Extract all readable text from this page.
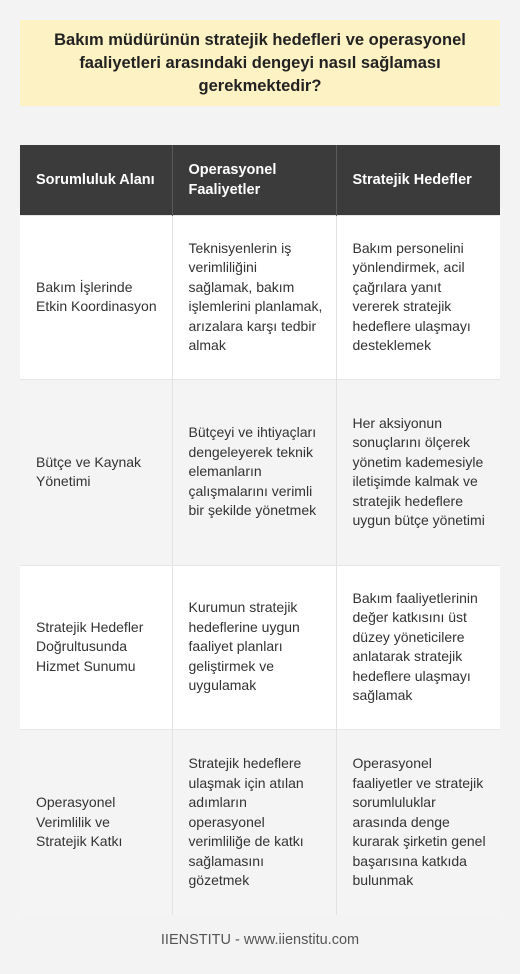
Bakım müdürünün stratejik hedefleri ve operasyonel faaliyetleri arasındaki dengeyi nasıl sağlaması gerekmektedir?
Sorumluluk Alanı	Operasyonel Faaliyetler	Stratejik Hedefler
Bakım İşlerinde Etkin Koordinasyon	Teknisyenlerin iş verimliliğini sağlamak, bakım işlemlerini planlamak, arızalara karşı tedbir almak	Bakım personelini yönlendirmek, acil çağrılara yanıt vererek stratejik hedeflere ulaşmayı desteklemek
Bütçe ve Kaynak Yönetimi	Bütçeyi ve ihtiyaçları dengeleyerek teknik elemanların çalışmalarını verimli bir şekilde yönetmek	Her aksiyonun sonuçlarını ölçerek yönetim kademesiyle iletişimde kalmak ve stratejik hedeflere uygun bütçe yönetimi
Stratejik Hedefler Doğrultusunda Hizmet Sunumu	Kurumun stratejik hedeflerine uygun faaliyet planları geliştirmek ve uygulamak	Bakım faaliyetlerinin değer katkısını üst düzey yöneticilere anlatarak stratejik hedeflere ulaşmayı sağlamak
Operasyonel Verimlilik ve Stratejik Katkı	Stratejik hedeflere ulaşmak için atılan adımların operasyonel verimliliğe de katkı sağlamasını gözetmek	Operasyonel faaliyetler ve stratejik sorumluluklar arasında denge kurarak şirketin genel başarısına katkıda bulunmak
IIENSTITU - www.iienstitu.com
